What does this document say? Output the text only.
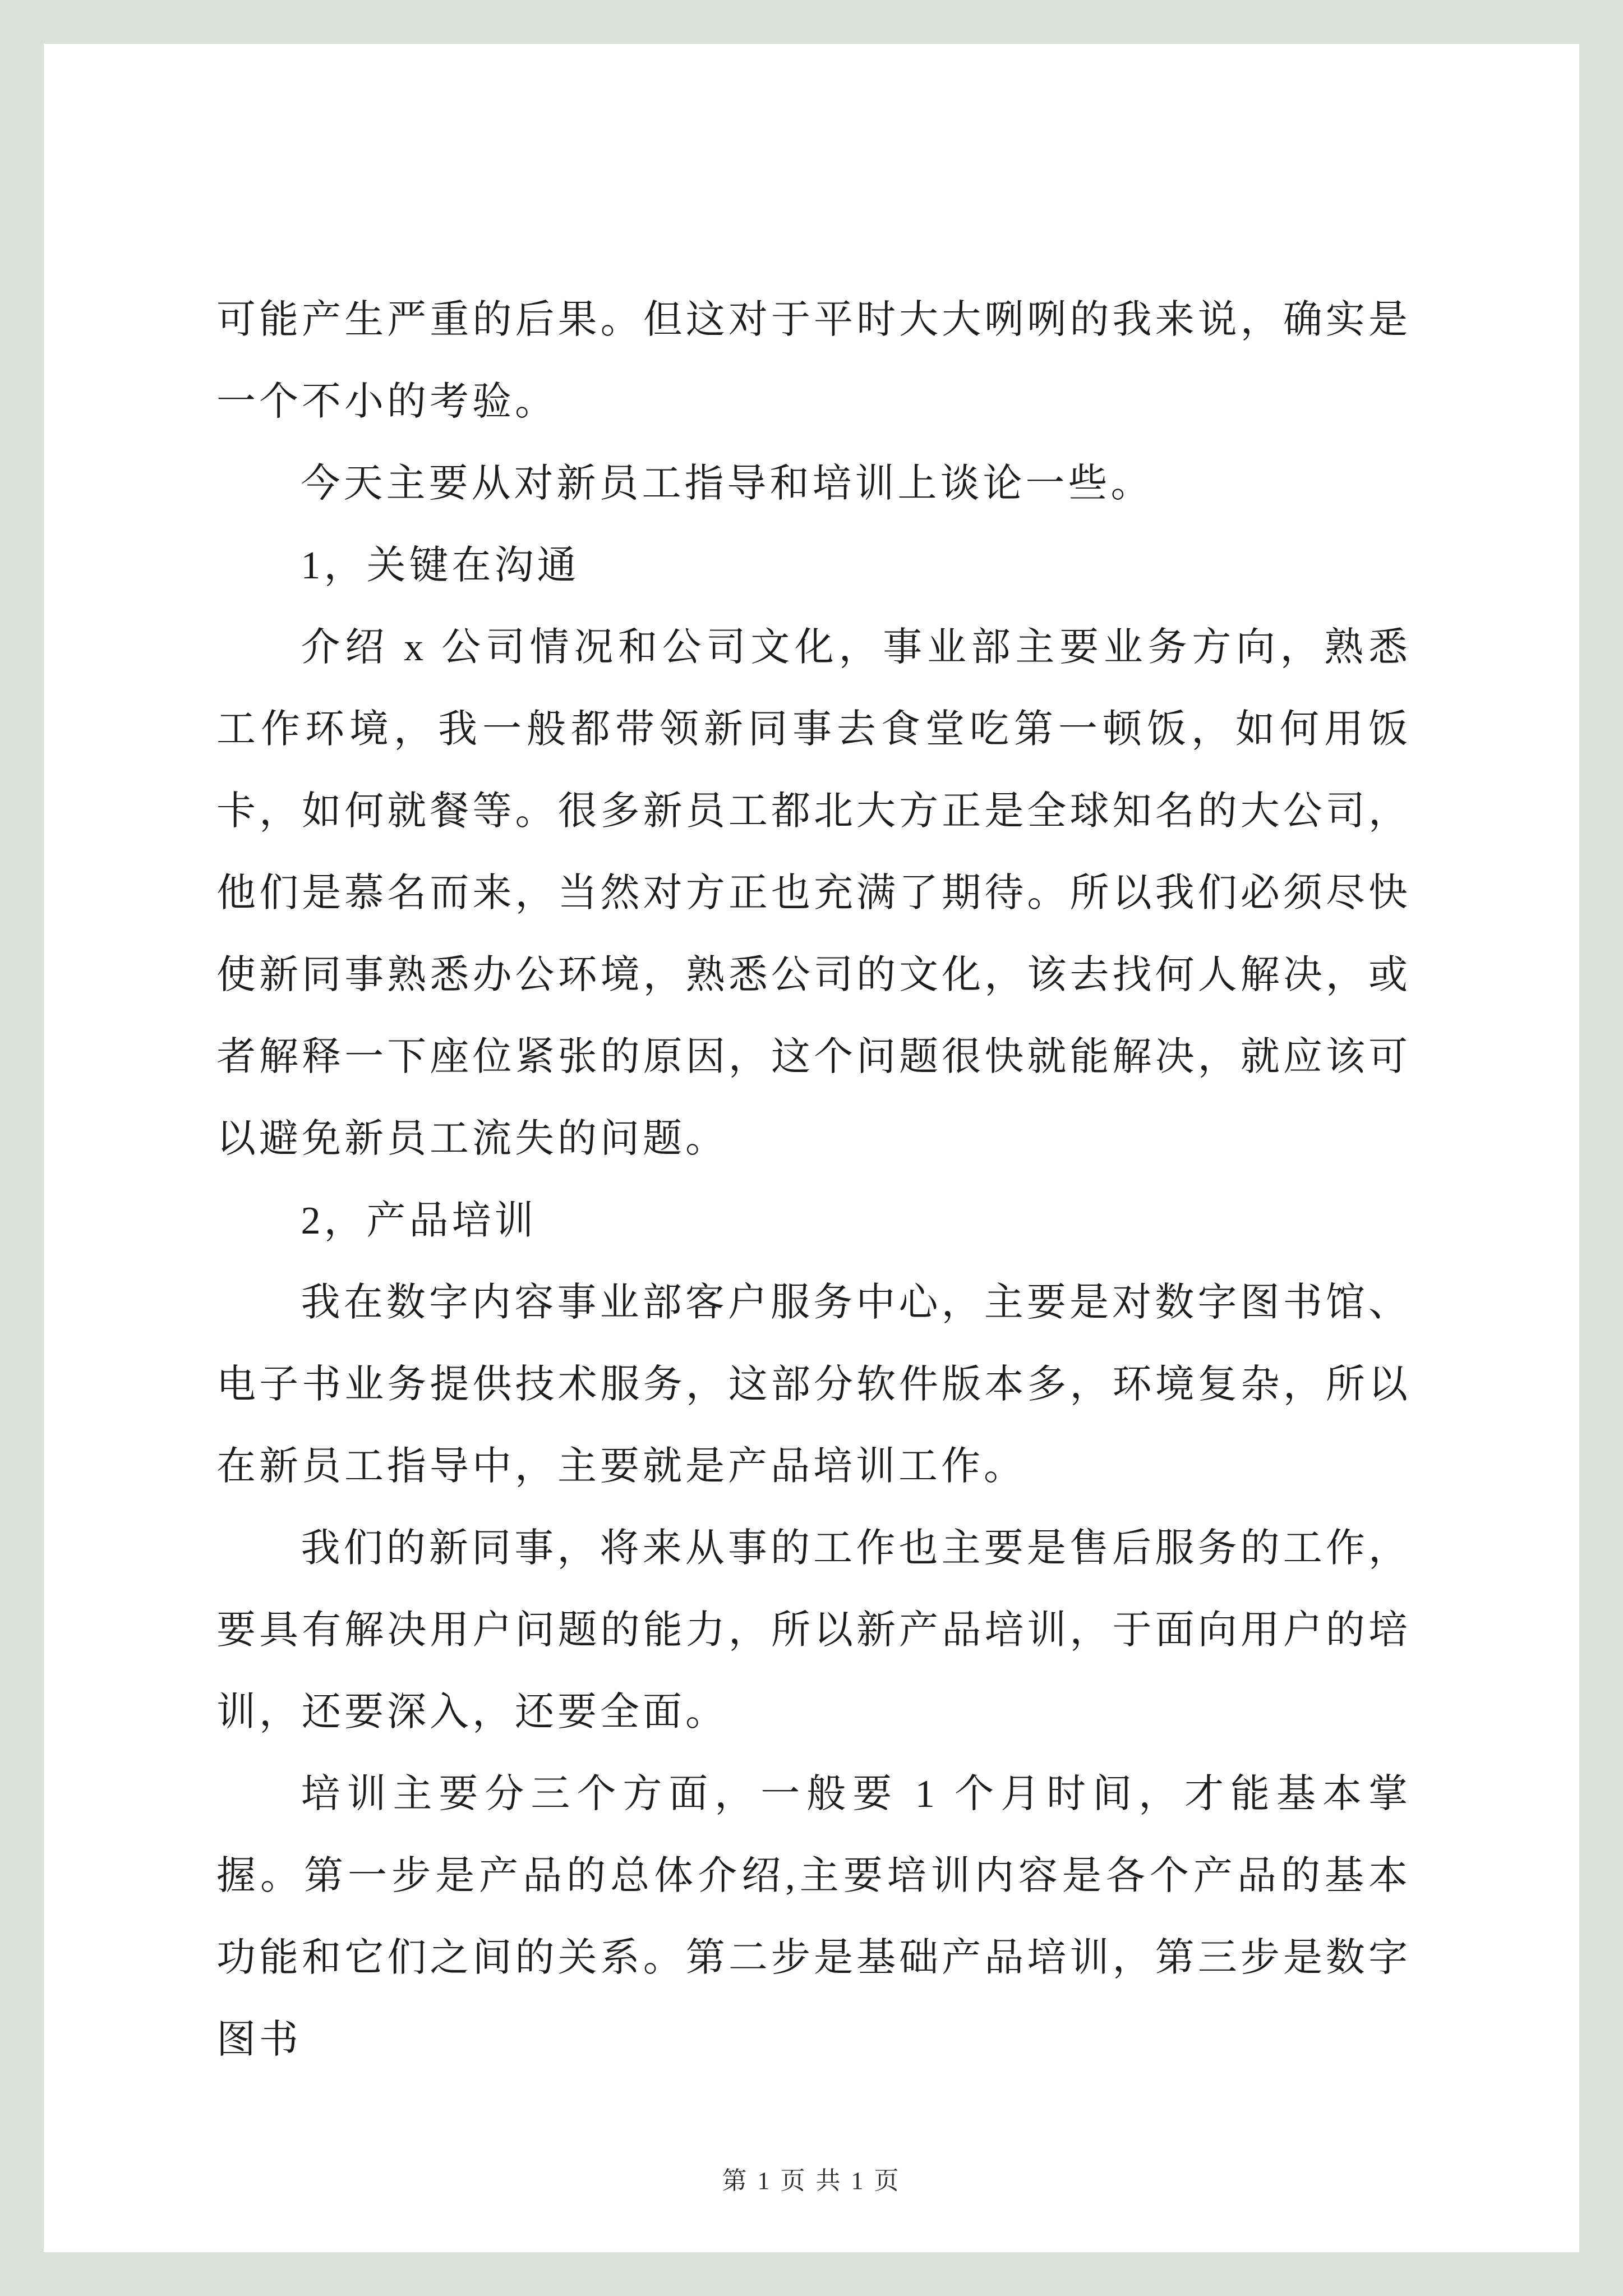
可能产生严重的后果。但这对于平时大大咧咧的我来说，确实是一个不小的考验。

今天主要从对新员工指导和培训上谈论一些。

1，关键在沟通

介绍 x 公司情况和公司文化，事业部主要业务方向，熟悉工作环境，我一般都带领新同事去食堂吃第一顿饭，如何用饭卡，如何就餐等。很多新员工都北大方正是全球知名的大公司，他们是慕名而来，当然对方正也充满了期待。所以我们必须尽快使新同事熟悉办公环境，熟悉公司的文化，该去找何人解决，或者解释一下座位紧张的原因，这个问题很快就能解决，就应该可以避免新员工流失的问题。

2，产品培训

我在数字内容事业部客户服务中心，主要是对数字图书馆、电子书业务提供技术服务，这部分软件版本多，环境复杂，所以在新员工指导中，主要就是产品培训工作。

我们的新同事，将来从事的工作也主要是售后服务的工作，要具有解决用户问题的能力，所以新产品培训，于面向用户的培训，还要深入，还要全面。

培训主要分三个方面，一般要 1 个月时间，才能基本掌握。第一步是产品的总体介绍,主要培训内容是各个产品的基本功能和它们之间的关系。第二步是基础产品培训，第三步是数字图书

第 1 页 共 1 页
